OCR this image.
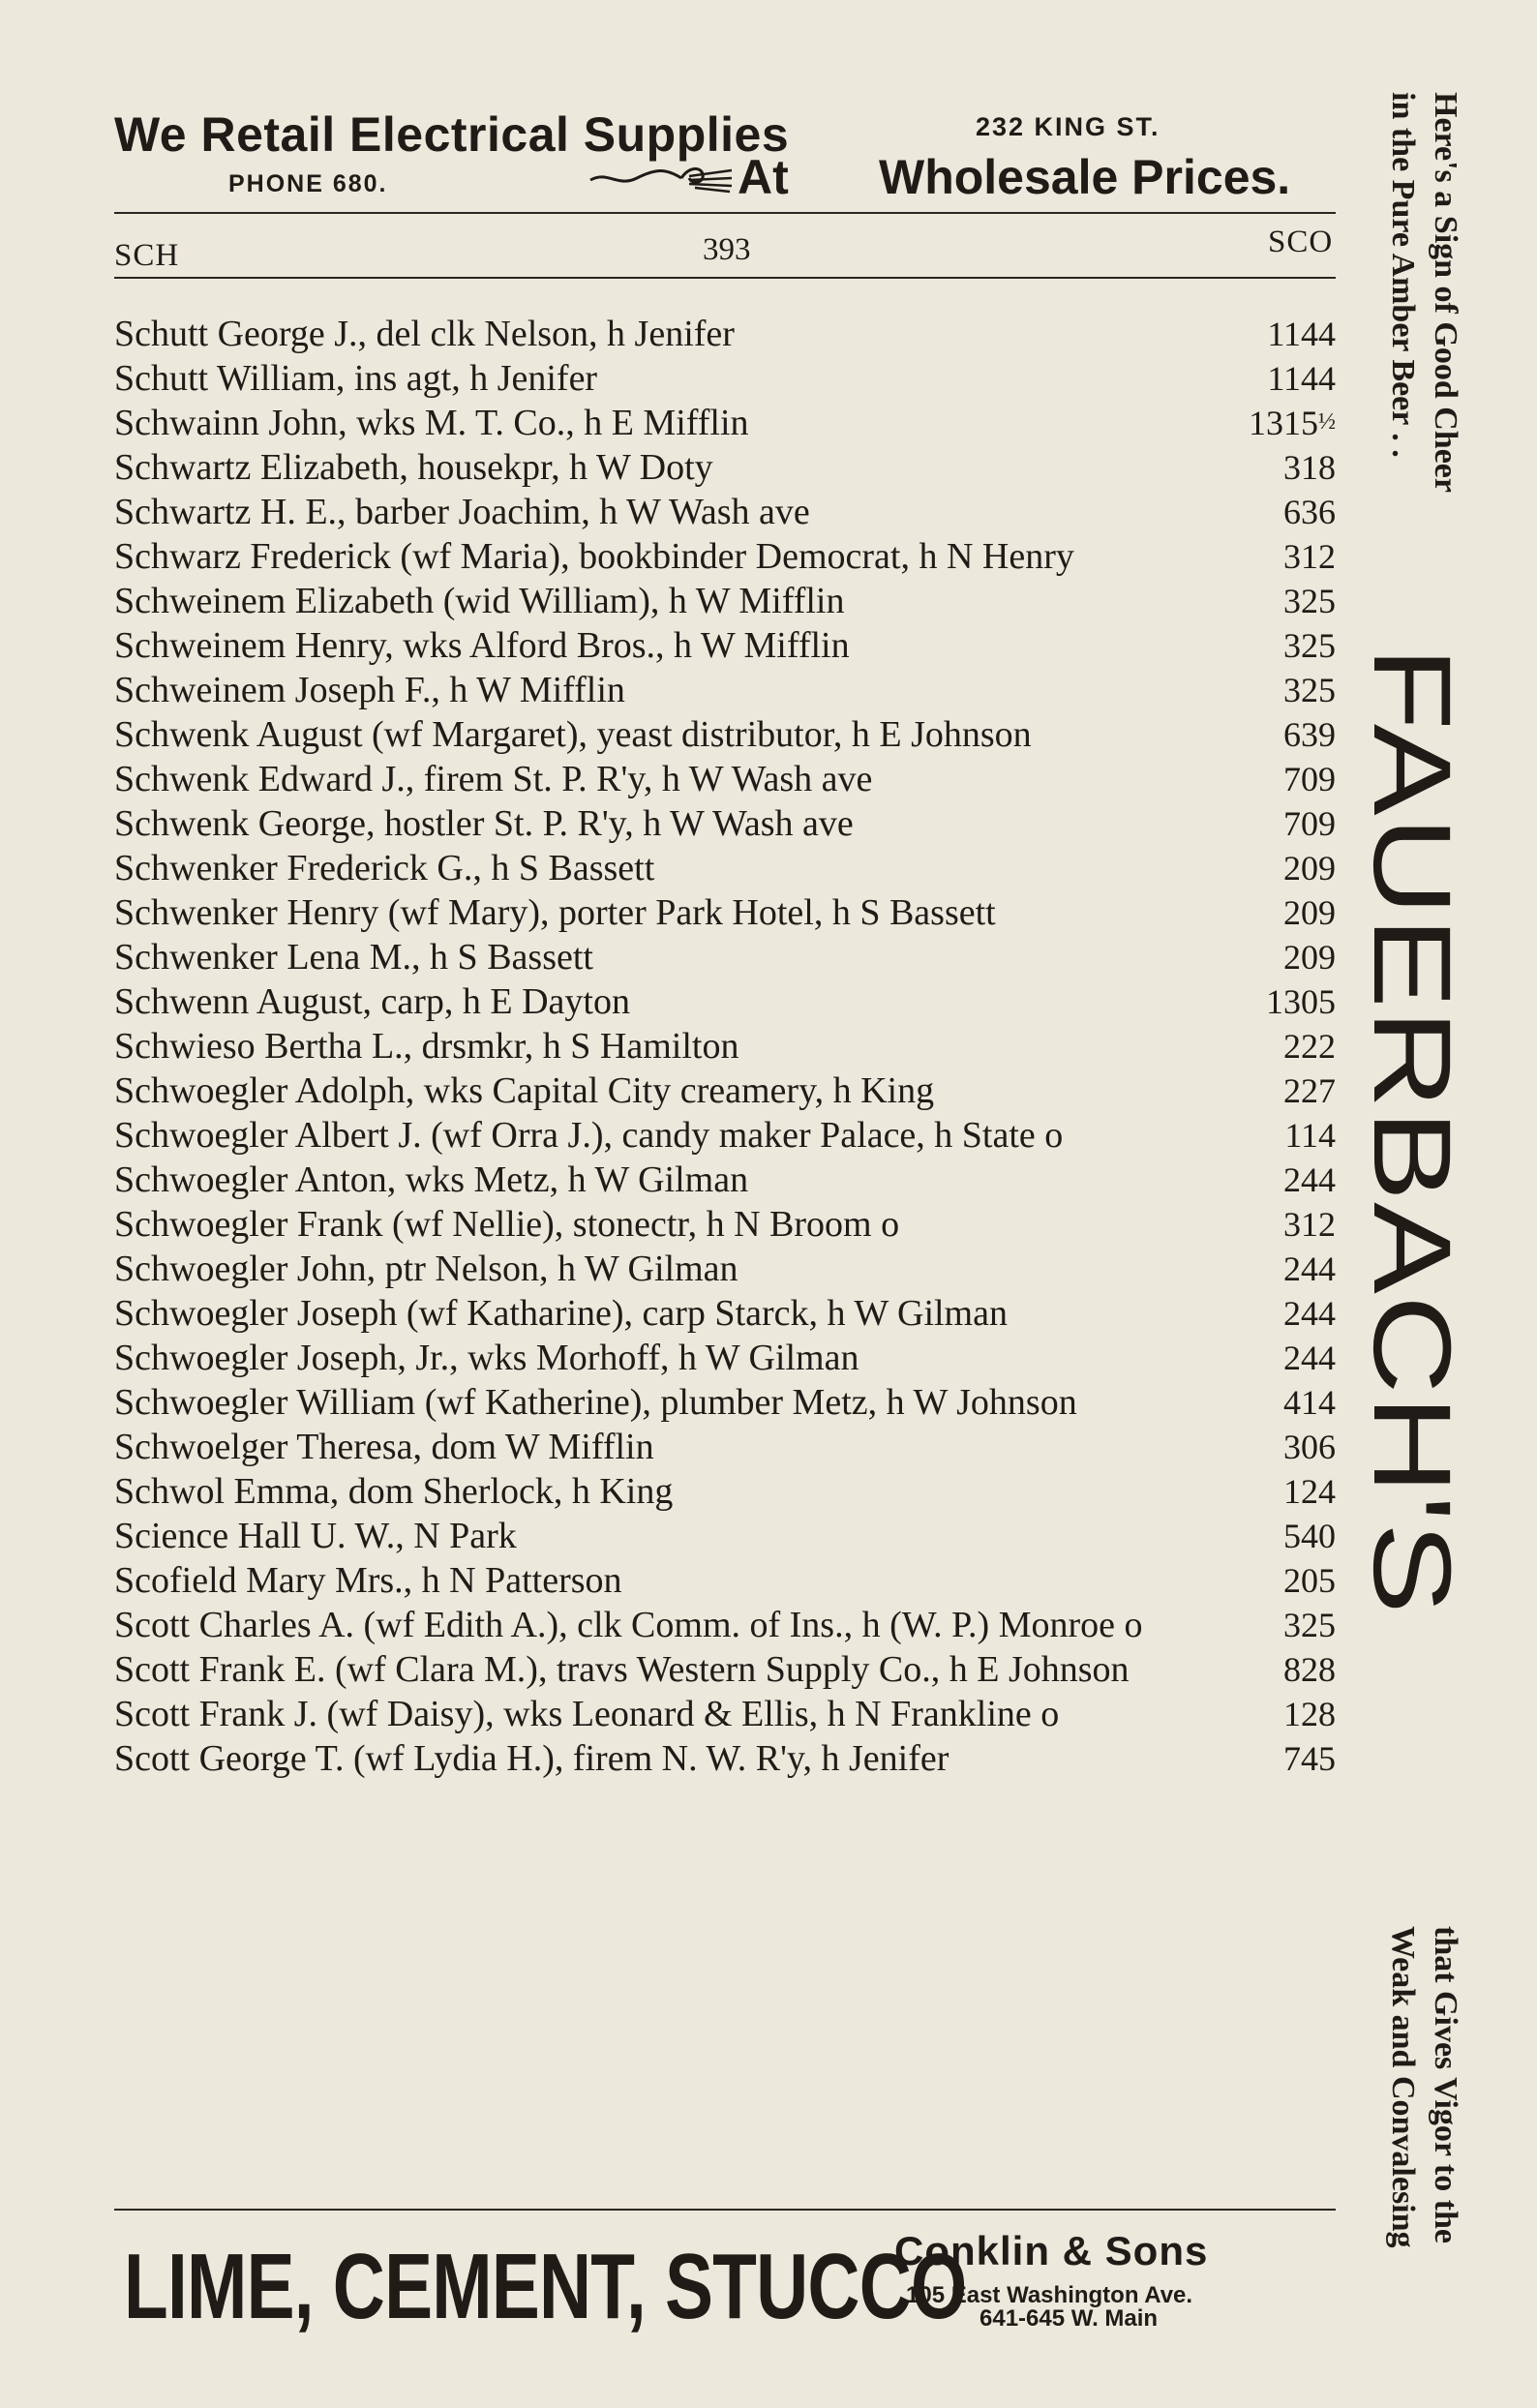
We Retail Electrical Supplies
PHONE 680.
232 KING ST.
At Wholesale Prices.
SCH	393	SCO
Schutt George J., del clk Nelson, h Jenifer	1144
Schutt William, ins agt, h Jenifer	1144
Schwainn John, wks M. T. Co., h E Mifflin	1315½
Schwartz Elizabeth, housekpr, h W Doty	318
Schwartz H. E., barber Joachim, h W Wash ave	636
Schwarz Frederick (wf Maria), bookbinder Democrat, h N Henry	312
Schweinem Elizabeth (wid William), h W Mifflin	325
Schweinem Henry, wks Alford Bros., h W Mifflin	325
Schweinem Joseph F., h W Mifflin	325
Schwenk August (wf Margaret), yeast distributor, h E Johnson	639
Schwenk Edward J., firem St. P. R'y, h W Wash ave	709
Schwenk George, hostler St. P. R'y, h W Wash ave	709
Schwenker Frederick G., h S Bassett	209
Schwenker Henry (wf Mary), porter Park Hotel, h S Bassett	209
Schwenker Lena M., h S Bassett	209
Schwenn August, carp, h E Dayton	1305
Schwieso Bertha L., drsmkr, h S Hamilton	222
Schwoegler Adolph, wks Capital City creamery, h King	227
Schwoegler Albert J. (wf Orra J.), candy maker Palace, h State o	114
Schwoegler Anton, wks Metz, h W Gilman	244
Schwoegler Frank (wf Nellie), stonectr, h N Broom o	312
Schwoegler John, ptr Nelson, h W Gilman	244
Schwoegler Joseph (wf Katharine), carp Starck, h W Gilman	244
Schwoegler Joseph, Jr., wks Morhoff, h W Gilman	244
Schwoegler William (wf Katherine), plumber Metz, h W Johnson	414
Schwoelger Theresa, dom W Mifflin	306
Schwol Emma, dom Sherlock, h King	124
Science Hall U. W., N Park	540
Scofield Mary Mrs., h N Patterson	205
Scott Charles A. (wf Edith A.), clk Comm. of Ins., h (W. P.) Monroe o	325
Scott Frank E. (wf Clara M.), travs Western Supply Co., h E Johnson	828
Scott Frank J. (wf Daisy), wks Leonard & Ellis, h N Frankline o	128
Scott George T. (wf Lydia H.), firem N. W. R'y, h Jenifer	745
LIME, CEMENT, STUCCO
Conklin & Sons
105 East Washington Ave.
641-645 W. Main
Here's a Sign of Good Cheer
in the Pure Amber Beer . .
FAUERBACH'S
that Gives Vigor to the
Weak and Convalesing
